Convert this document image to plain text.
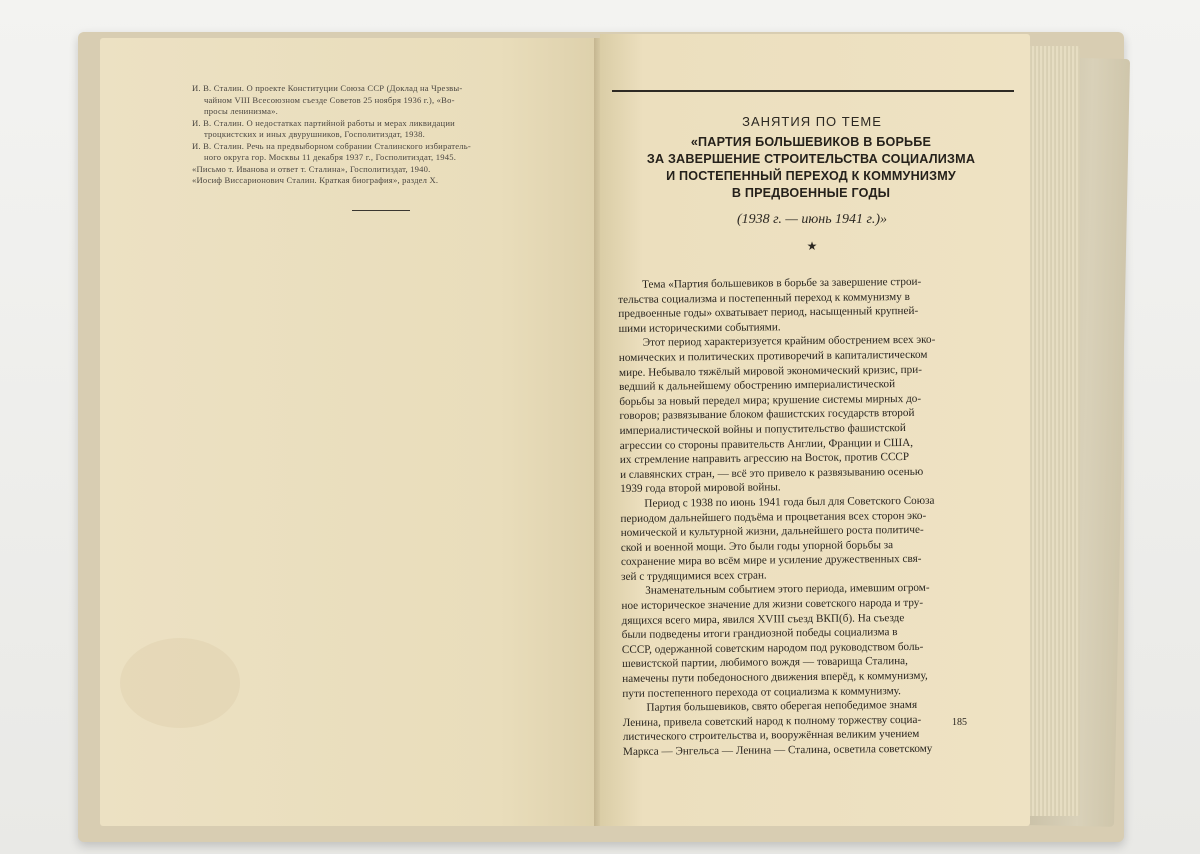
И. В. Сталин. О проекте Конституции Союза ССР (Доклад на Чрезвы-
чайном VIII Всесоюзном съезде Советов 25 ноября 1936 г.), «Во-
просы ленинизма».
И. В. Сталин. О недостатках партийной работы и мерах ликвидации
троцкистских и иных двурушников, Госполитиздат, 1938.
И. В. Сталин. Речь на предвыборном собрании Сталинского избиратель-
ного округа гор. Москвы 11 декабря 1937 г., Госполитиздат, 1945.
«Письмо т. Иванова и ответ т. Сталина», Госполитиздат, 1940.
«Иосиф Виссарионович Сталин. Краткая биография», раздел X.
ЗАНЯТИЯ ПО ТЕМЕ
«ПАРТИЯ БОЛЬШЕВИКОВ В БОРЬБЕ
ЗА ЗАВЕРШЕНИЕ СТРОИТЕЛЬСТВА СОЦИАЛИЗМА
И ПОСТЕПЕННЫЙ ПЕРЕХОД К КОММУНИЗМУ
В ПРЕДВОЕННЫЕ ГОДЫ
(1938 г. — июнь 1941 г.)»
★
Тема «Партия большевиков в борьбе за завершение строи-
тельства социализма и постепенный переход к коммунизму в
предвоенные годы» охватывает период, насыщенный крупней-
шими историческими событиями.
Этот период характеризуется крайним обострением всех эко-
номических и политических противоречий в капиталистическом
мире. Небывало тяжёлый мировой экономический кризис, при-
ведший к дальнейшему обострению империалистической
борьбы за новый передел мира; крушение системы мирных до-
говоров; развязывание блоком фашистских государств второй
империалистической войны и попустительство фашистской
агрессии со стороны правительств Англии, Франции и США,
их стремление направить агрессию на Восток, против СССР
и славянских стран, — всё это привело к развязыванию осенью
1939 года второй мировой войны.
Период с 1938 по июнь 1941 года был для Советского Союза
периодом дальнейшего подъёма и процветания всех сторон эко-
номической и культурной жизни, дальнейшего роста политиче-
ской и военной мощи. Это были годы упорной борьбы за
сохранение мира во всём мире и усиление дружественных свя-
зей с трудящимися всех стран.
Знаменательным событием этого периода, имевшим огром-
ное историческое значение для жизни советского народа и тру-
дящихся всего мира, явился XVIII съезд ВКП(б). На съезде
были подведены итоги грандиозной победы социализма в
СССР, одержанной советским народом под руководством боль-
шевистской партии, любимого вождя — товарища Сталина,
намечены пути победоносного движения вперёд, к коммунизму,
пути постепенного перехода от социализма к коммунизму.
Партия большевиков, свято оберегая непобедимое знамя
Ленина, привела советский народ к полному торжеству социа-
листического строительства и, вооружённая великим учением
Маркса — Энгельса — Ленина — Сталина, осветила советскому
185
